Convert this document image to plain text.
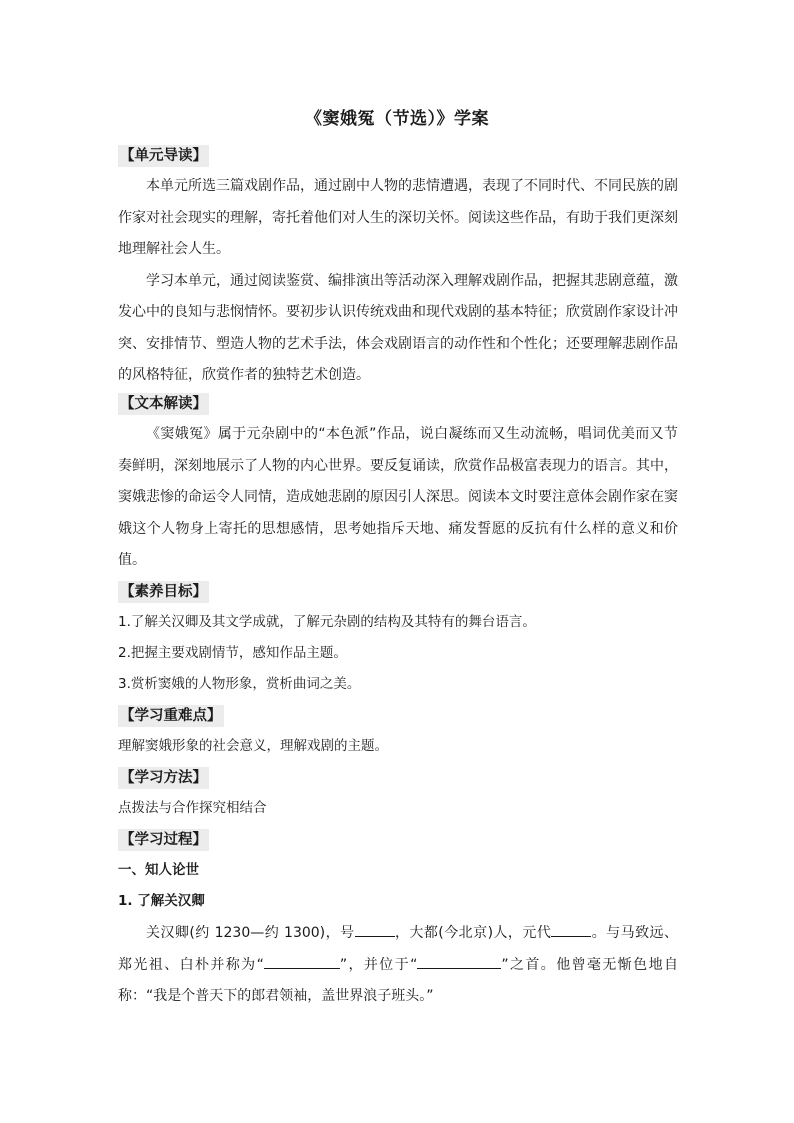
《窦娥冤（节选）》学案
【单元导读】

本单元所选三篇戏剧作品，通过剧中人物的悲情遭遇，表现了不同时代、不同民族的剧作家对社会现实的理解，寄托着他们对人生的深切关怀。阅读这些作品，有助于我们更深刻地理解社会人生。

学习本单元，通过阅读鉴赏、编排演出等活动深入理解戏剧作品，把握其悲剧意蕴，激发心中的良知与悲悯情怀。要初步认识传统戏曲和现代戏剧的基本特征；欣赏剧作家设计冲突、安排情节、塑造人物的艺术手法，体会戏剧语言的动作性和个性化；还要理解悲剧作品的风格特征，欣赏作者的独特艺术创造。

【文本解读】

《窦娥冤》属于元杂剧中的“本色派”作品，说白凝练而又生动流畅，唱词优美而又节奏鲜明，深刻地展示了人物的内心世界。要反复诵读，欣赏作品极富表现力的语言。其中，窦娥悲惨的命运令人同情，造成她悲剧的原因引人深思。阅读本文时要注意体会剧作家在窦娥这个人物身上寄托的思想感情，思考她指斥天地、痛发誓愿的反抗有什么样的意义和价值。

【素养目标】

1.了解关汉卿及其文学成就，了解元杂剧的结构及其特有的舞台语言。

2.把握主要戏剧情节，感知作品主题。

3.赏析窦娥的人物形象，赏析曲词之美。

【学习重难点】

理解窦娥形象的社会意义，理解戏剧的主题。

【学习方法】

点拨法与合作探究相结合

【学习过程】

一、知人论世

1. 了解关汉卿

关汉卿(约 1230—约 1300)，号	，大都(今北京)人，元代	。与马致远、郑光祖、白朴并称为“	”，并位于“	”之首。他曾毫无惭色地自称：“我是个普天下的郎君领袖，盖世界浪子班头。”
